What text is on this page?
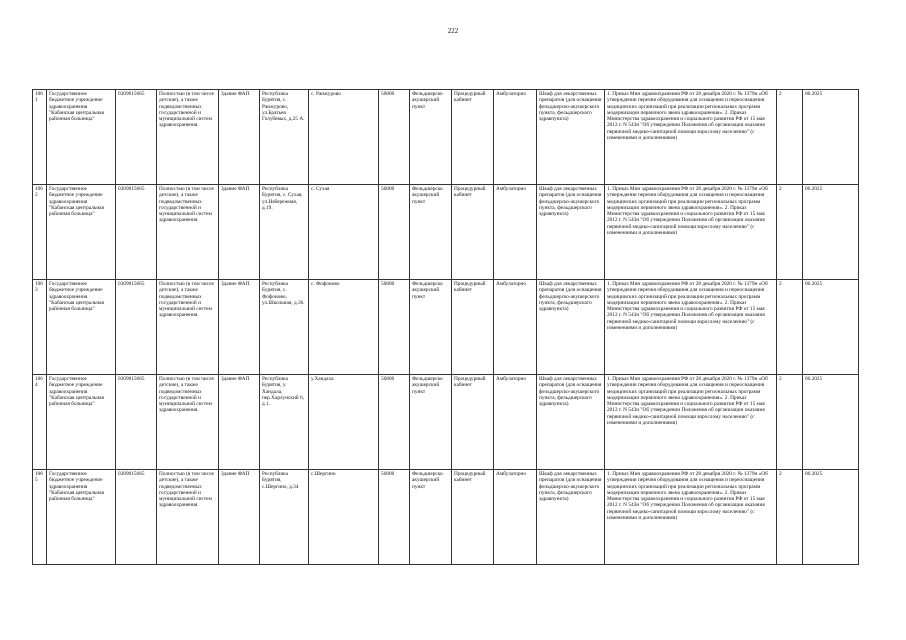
222
1061	Государственное бюджетное учреждение здравоохранения "Кабанская центральная районная больница"	0309015665	Полностью (в том числе детские), а также подведомственных государственной и муниципальной систем здравоохранения.	Здание ФАП	Республика Бурятия, с. Ранжурово, ул.Братьев Голубевых, д.25 А.	с. Ранжурово	56800	Фельдшерско акушерский пункт	Процедурный кабинет	Амбулаторно	Шкаф для лекарственных препаратов (для оснащения фельдшерско-акушерского пункта, фельдшерского здравпункта)	1. Приказ Мин здравоохранения РФ от 28 декабря 2020 г. № 1379н «Об утверждении перечня оборудования для оснащения и переоснащения медицинских организаций при реализации региональных программ модернизации первичного звена здравоохранения». 2. Приказ Министерства здравоохранения и социального развития РФ от 15 мая 2012 г. N 543н "Об утверждении Положения об организации оказания первичной медико-санитарной помощи взрослому населению" (с изменениями и дополнениями)	2	06.2025
1062	Государственное бюджетное учреждение здравоохранения "Кабанская центральная районная больница"	0309015665	Полностью (в том числе детские), а также подведомственных государственной и муниципальной систем здравоохранения.	Здание ФАП	Республика Бурятия, с. Сухая, ул.Набережная, д.19.	с. Сухая	56800	Фельдшерско акушерский пункт	Процедурный кабинет	Амбулаторно	Шкаф для лекарственных препаратов (для оснащения фельдшерско-акушерского пункта, фельдшерского здравпункта)	1. Приказ Мин здравоохранения РФ от 28 декабря 2020 г. № 1379н «Об утверждении перечня оборудования для оснащения и переоснащения медицинских организаций при реализации региональных программ модернизации первичного звена здравоохранения». 2. Приказ Министерства здравоохранения и социального развития РФ от 15 мая 2012 г. N 543н "Об утверждении Положения об организации оказания первичной медико-санитарной помощи взрослому населению" (с изменениями и дополнениями)	2	06.2025
1063	Государственное бюджетное учреждение здравоохранения "Кабанская центральная районная больница"	0309015665	Полностью (в том числе детские), а также подведомственных государственной и муниципальной систем здравоохранения.	Здание ФАП	Республика Бурятия, с. Фофоново, ул.Школьная, д.36.	с. Фофоново	56800	Фельдшерско акушерский пункт	Процедурный кабинет	Амбулаторно	Шкаф для лекарственных препаратов (для оснащения фельдшерско-акушерского пункта, фельдшерского здравпункта)	1. Приказ Мин здравоохранения РФ от 28 декабря 2020 г. № 1379н «Об утверждении перечня оборудования для оснащения и переоснащения медицинских организаций при реализации региональных программ модернизации первичного звена здравоохранения». 2. Приказ Министерства здравоохранения и социального развития РФ от 15 мая 2012 г. N 543н "Об утверждении Положения об организации оказания первичной медико-санитарной помощи взрослому населению" (с изменениями и дополнениями)	2	06.2025
1064	Государственное бюджетное учреждение здравоохранения "Кабанская центральная районная больница"	0309015665	Полностью (в том числе детские), а также подведомственных государственной и муниципальной систем здравоохранения.	Здание ФАП	Республика Бурятия, у. Хандала, пер.Харлунский 6, д.1.	у.Хандала	56800	Фельдшерско акушерский пункт	Процедурный кабинет	Амбулаторно	Шкаф для лекарственных препаратов (для оснащения фельдшерско-акушерского пункта, фельдшерского здравпункта)	1. Приказ Мин здравоохранения РФ от 28 декабря 2020 г. № 1379н «Об утверждении перечня оборудования для оснащения и переоснащения медицинских организаций при реализации региональных программ модернизации первичного звена здравоохранения». 2. Приказ Министерства здравоохранения и социального развития РФ от 15 мая 2012 г. N 543н "Об утверждении Положения об организации оказания первичной медико-санитарной помощи взрослому населению" (с изменениями и дополнениями)	2	06.2025
1065	Государственное бюджетное учреждение здравоохранения "Кабанская центральная районная больница"	0309015665	Полностью (в том числе детские), а также подведомственных государственной и муниципальной систем здравоохранения.	Здание ФАП	Республика Бурятия, с.Шергино, д.34	с.Шергино	56800	Фельдшерско акушерский пункт	Процедурный кабинет	Амбулаторно	Шкаф для лекарственных препаратов (для оснащения фельдшерско-акушерского пункта, фельдшерского здравпункта)	1. Приказ Мин здравоохранения РФ от 28 декабря 2020 г. № 1379н «Об утверждении перечня оборудования для оснащения и переоснащения медицинских организаций при реализации региональных программ модернизации первичного звена здравоохранения». 2. Приказ Министерства здравоохранения и социального развития РФ от 15 мая 2012 г. N 543н "Об утверждении Положения об организации оказания первичной медико-санитарной помощи взрослому населению" (с изменениями и дополнениями)	2	06.2025
